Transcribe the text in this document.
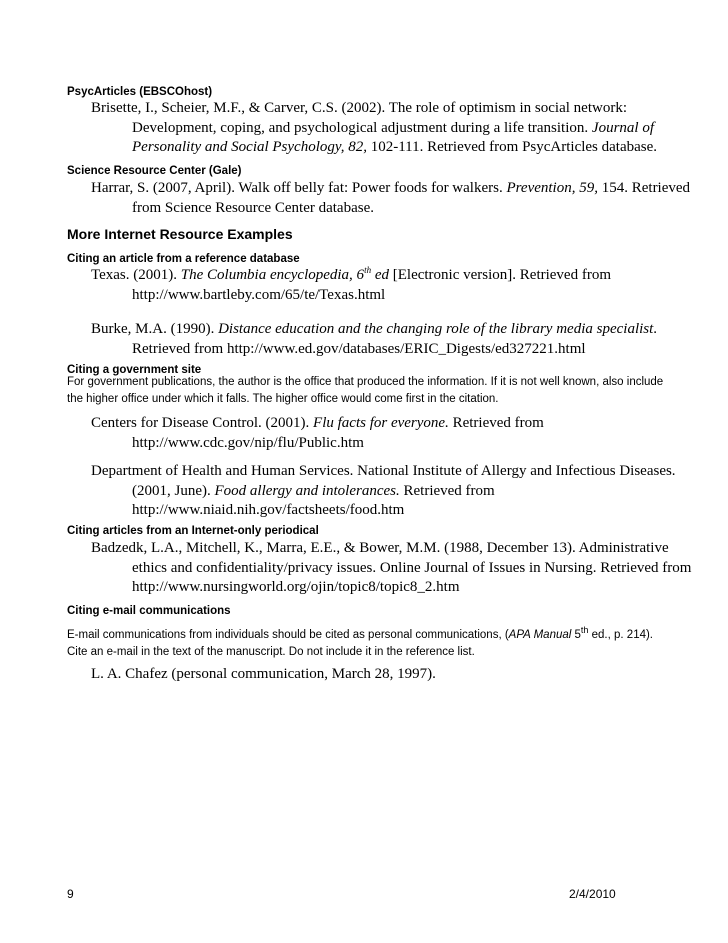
PsycArticles (EBSCOhost)
Brisette, I., Scheier, M.F., & Carver, C.S. (2002). The role of optimism in social network: Development, coping, and psychological adjustment during a life transition. Journal of Personality and Social Psychology, 82, 102-111. Retrieved from PsycArticles database.
Science Resource Center (Gale)
Harrar, S. (2007, April). Walk off belly fat: Power foods for walkers. Prevention, 59, 154. Retrieved from Science Resource Center database.
More Internet Resource Examples
Citing an article from a reference database
Texas. (2001). The Columbia encyclopedia, 6th ed [Electronic version]. Retrieved from http://www.bartleby.com/65/te/Texas.html
Burke, M.A. (1990). Distance education and the changing role of the library media specialist. Retrieved from http://www.ed.gov/databases/ERIC_Digests/ed327221.html
Citing a government site
For government publications, the author is the office that produced the information. If it is not well known, also include the higher office under which it falls. The higher office would come first in the citation.
Centers for Disease Control. (2001). Flu facts for everyone. Retrieved from http://www.cdc.gov/nip/flu/Public.htm
Department of Health and Human Services. National Institute of Allergy and Infectious Diseases. (2001, June). Food allergy and intolerances. Retrieved from http://www.niaid.nih.gov/factsheets/food.htm
Citing articles from an Internet-only periodical
Badzedk, L.A., Mitchell, K., Marra, E.E., & Bower, M.M. (1988, December 13). Administrative ethics and confidentiality/privacy issues. Online Journal of Issues in Nursing. Retrieved from http://www.nursingworld.org/ojin/topic8/topic8_2.htm
Citing e-mail communications
E-mail communications from individuals should be cited as personal communications, (APA Manual 5th ed., p. 214). Cite an e-mail in the text of the manuscript. Do not include it in the reference list.
L. A. Chafez (personal communication, March 28, 1997).
9	2/4/2010
